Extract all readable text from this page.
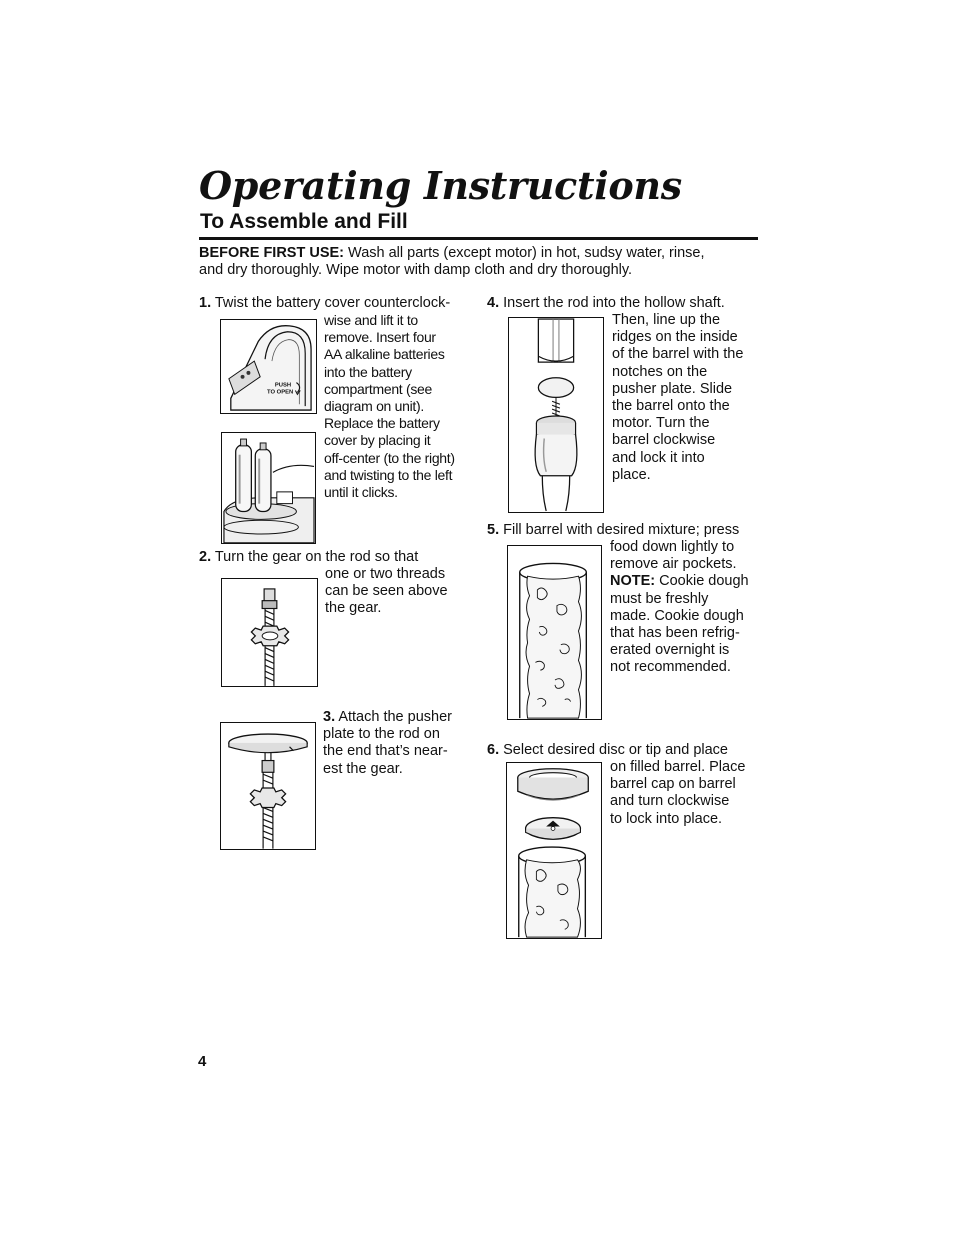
Operating Instructions
To Assemble and Fill
BEFORE FIRST USE: Wash all parts (except motor) in hot, sudsy water, rinse,
and dry thoroughly. Wipe motor with damp cloth and dry thoroughly.
1. Twist the battery cover counterclock-
wise and lift it to
remove. Insert four
AA alkaline batteries
into the battery
compartment (see
diagram on unit).
Replace the battery
cover by placing it
off-center (to the right)
and twisting to the left
until it clicks.
PUSH
TO OPEN
2. Turn the gear on the rod so that
one or two threads
can be seen above
the gear.
3. Attach the pusher
plate to the rod on
the end that’s near-
est the gear.
4. Insert the rod into the hollow shaft.
Then, line up the
ridges on the inside
of the barrel with the
notches on the
pusher plate. Slide
the barrel onto the
motor. Turn the
barrel clockwise
and lock it into
place.
5. Fill barrel with desired mixture; press
food down lightly to
remove air pockets.
NOTE: Cookie dough
must be freshly
made. Cookie dough
that has been refrig-
erated overnight is
not recommended.
6. Select desired disc or tip and place
on filled barrel. Place
barrel cap on barrel
and turn clockwise
to lock into place.
4
